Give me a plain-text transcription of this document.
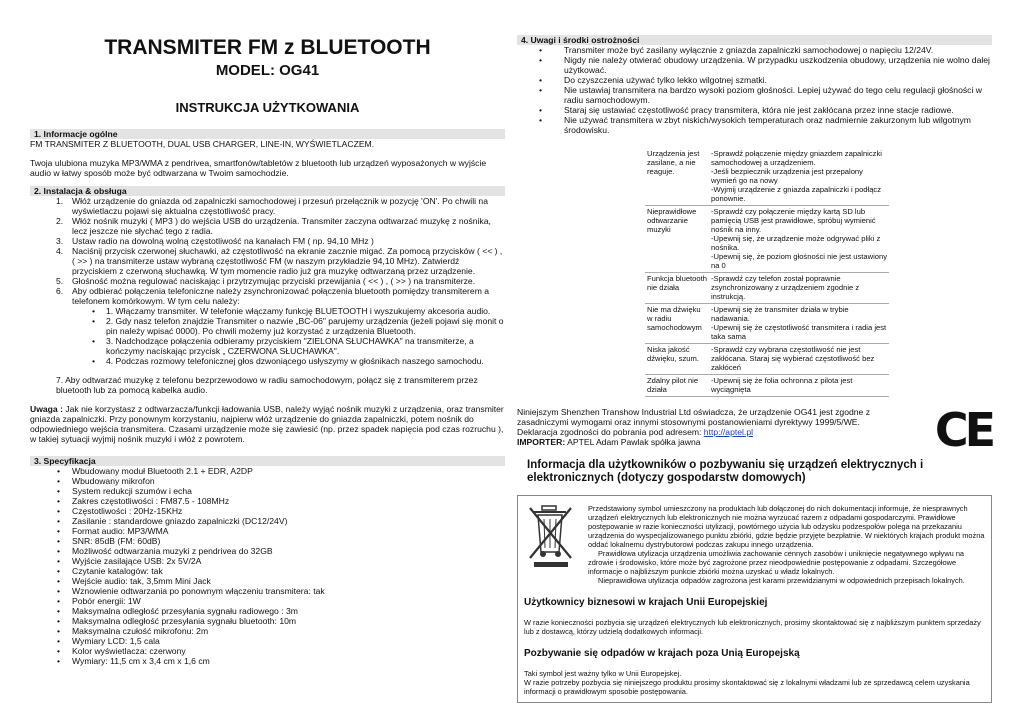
TRANSMITER FM z BLUETOOTH
MODEL: OG41
INSTRUKCJA UŻYTKOWANIA
1. Informacje ogólne

FM TRANSMITER Z BLUETOOTH, DUAL USB CHARGER, LINE-IN, WYŚWIETLACZEM.

Twoja ulubiona muzyka MP3/WMA z pendrivea, smartfonów/tabletów z bluetooth lub urządzeń wyposażonych w wyjście audio w łatwy sposób może być odtwarzana w Twoim samochodzie.

2. Instalacja & obsługa
1. Włóż urządzenie do gniazda od zapalniczki samochodowej i przesuń przełącznik w pozycję 'ON'. Po chwili na wyświetlaczu pojawi się aktualna częstotliwość pracy.
2. Włóż nośnik muzyki ( MP3 ) do wejścia USB do urządzenia. Transmiter zaczyna odtwarzać muzykę z nośnika, lecz jeszcze nie słychać tego z radia.
3. Ustaw radio na dowolną wolną częstotliwość na kanałach FM ( np. 94,10 MHz )
4. Naciśnij przycisk czerwonej słuchawki, aż częstotliwość na ekranie zacznie migać. Za pomocą przycisków ( << ) , ( >> ) na transmiterze ustaw wybraną częstotliwość FM (w naszym przykładzie 94,10 MHz). Zatwierdź przyciskiem z czerwoną słuchawką. W tym momencie radio już gra muzykę odtwarzaną przez urządzenie.
5. Głośność można regulować naciskając i przytrzymując przyciski przewijania ( << ) , ( >> ) na transmiterze.
6. Aby odbierać połączenia telefoniczne należy zsynchronizować połączenia bluetooth pomiędzy transmiterem a telefonem komórkowym. W tym celu należy:
• 1. Włączamy transmiter. W telefonie włączamy funkcję BLUETOOTH i wyszukujemy akcesoria audio.
• 2. Gdy nasz telefon znajdzie Transmiter o nazwie „BC-06" parujemy urządzenia (jeżeli pojawi się monit o pin należy wpisać 0000). Po chwili możemy już korzystać z urządzenia Bluetooth.
• 3. Nadchodzące połączenia odbieramy przyciskiem "ZIELONA SŁUCHAWKA" na transmiterze, a kończymy naciskając przycisk „ CZERWONA SŁUCHAWKA".
• 4. Podczas rozmowy telefonicznej głos dzwoniącego usłyszymy w głośnikach naszego samochodu.

7. Aby odtwarzać muzykę z telefonu bezprzewodowo w radiu samochodowym, połącz się z transmiterem przez bluetooth lub za pomocą kabelka audio.

Uwaga : Jak nie korzystasz z odtwarzacza/funkcji ładowania USB, należy wyjąć nośnik muzyki z urządzenia, oraz transmiter gniazda zapalniczki. Przy ponownym korzystaniu, najpierw włóż urządzenie do gniazda zapalniczki, potem nośnik do odpowiedniego wejścia transmitera. Czasami urządzenie może się zawiesić (np. przez spadek napięcia pod czas rozruchu ), w takiej sytuacji wyjmij nośnik muzyki i włóż z powrotem.

3. Specyfikacja
• Wbudowany moduł Bluetooth 2.1 + EDR, A2DP
• Wbudowany mikrofon
• System redukcji szumów i echa
• Zakres częstotliwości : FM87.5 - 108MHz
• Częstotliwości : 20Hz-15KHz
• Zasilanie : standardowe gniazdo zapalniczki (DC12/24V)
• Format audio: MP3/WMA
• SNR: 85dB (FM: 60dB)
• Możliwość odtwarzania muzyki z pendrivea do 32GB
• Wyjście zasilające USB: 2x 5V/2A
• Czytanie katalogów: tak
• Wejście audio: tak, 3,5mm Mini Jack
• Wznowienie odtwarzania po ponownym włączeniu transmitera: tak
• Pobór energii: 1W
• Maksymalna odległość przesyłania sygnału radiowego : 3m
• Maksymalna odległość przesyłania sygnału bluetooth: 10m
• Maksymalna czułość mikrofonu: 2m
• Wymiary LCD: 1,5 cala
• Kolor wyświetlacza: czerwony
• Wymiary: 11,5 cm x 3,4 cm x 1,6 cm
4. Uwagi i środki ostrożności
•	Transmiter może być zasilany wyłącznie z gniazda zapalniczki samochodowej o napięciu 12/24V.
•	Nigdy nie należy otwierać obudowy urządzenia. W przypadku uszkodzenia obudowy, urządzenia nie wolno dalej użytkować.
•	Do czyszczenia używać tylko lekko wilgotnej szmatki.
•	Nie ustawiaj transmitera na bardzo wysoki poziom głośności. Lepiej używać do tego celu regulacji głośności w radiu samochodowym.
•	Staraj się ustawiać częstotliwość pracy transmitera, która nie jest zakłócana przez inne stacje radiowe.
•	Nie używać transmitera w zbyt niskich/wysokich temperaturach oraz nadmiernie zakurzonym lub wilgotnym środowisku.
Urządzenia jest zasilane, a nie reaguje.	-Sprawdź połączenie między gniazdem zapalniczki samochodowej a urządzeniem.
-Jeśli bezpiecznik urządzenia jest przepalony wymień go na nowy
-Wyjmij urządzenie z gniazda zapalniczki i podłącz ponownie.
Nieprawidłowe odtwarzanie muzyki	-Sprawdź czy połączenie między kartą SD lub pamięcią USB jest prawidłowe, spróbuj wymienić nośnik na inny.
-Upewnij się, że urządzenie może odgrywać pliki z nośnika.
-Upewnij się, że poziom głośności nie jest ustawiony na 0
Funkcja bluetooth nie działa	-Sprawdź czy telefon został poprawnie zsynchronizowany z urządzeniem zgodnie z instrukcją.
Nie ma dźwięku w radiu samochodowym	-Upewnij się że transmiter działa w trybie nadawania.
-Upewnij się że częstotliwość transmitera i radia jest taka sama
Niska jakość dźwięku, szum.	-Sprawdź czy wybrana częstotliwość nie jest zakłócana. Staraj się wybierać częstotliwość bez zakłóceń
Zdalny pilot nie działa	-Upewnij się że folia ochronna z pilota jest wyciągnięta

Niniejszym Shenzhen Transhow Industrial Ltd oświadcza, że urządzenie OG41 jest zgodne z zasadniczymi wymogami oraz innymi stosownymi postanowieniami dyrektywy 1999/5/WE.

Deklaracja zgodności do pobrania pod adresem: http://aptel.pl

IMPORTER: APTEL Adam Pawlak spółka jawna	CE
Informacja dla użytkowników o pozbywaniu się urządzeń elektrycznych i elektronicznych (dotyczy gospodarstw domowych)

Przedstawiony symbol umieszczony na produktach lub dołączonej do nich dokumentacji informuje, że niesprawnych urządzeń elektrycznych lub elektronicznych nie można wyrzucać razem z odpadami gospodarczymi. Prawidłowe postępowanie w razie konieczności utylizacji, powtórnego użycia lub odzysku podzespołów polega na przekazaniu urządzenia do wyspecjalizowanego punktu zbiórki, gdzie będzie przyjęte bezpłatnie. W niektórych krajach produkt można oddać lokalnemu dystrybutorowi podczas zakupu innego urządzenia.

Prawidłowa utylizacja urządzenia umożliwia zachowanie cennych zasobów i uniknięcie negatywnego wpływu na zdrowie i środowisko, które może być zagrożone przez nieodpowiednie postępowanie z odpadami. Szczegółowe informacje o najbliższym punkcie zbiórki można uzyskać u władz lokalnych.

Nieprawidłowa utylizacja odpadów zagrożona jest karami przewidzianymi w odpowiednich przepisach lokalnych.

Użytkownicy biznesowi w krajach Unii Europejskiej

W razie konieczności pozbycia się urządzeń elektrycznych lub elektronicznych, prosimy skontaktować się z najbliższym punktem sprzedaży lub z dostawcą, którzy udzielą dodatkowych informacji.

Pozbywanie się odpadów w krajach poza Unią Europejską

Taki symbol jest ważny tylko w Unii Europejskej.

W razie potrzeby pozbycia się niniejszego produktu prosimy skontaktować się z lokalnymi władzami lub ze sprzedawcą celem uzyskania informacji o prawidłowym sposobie postępowania.
